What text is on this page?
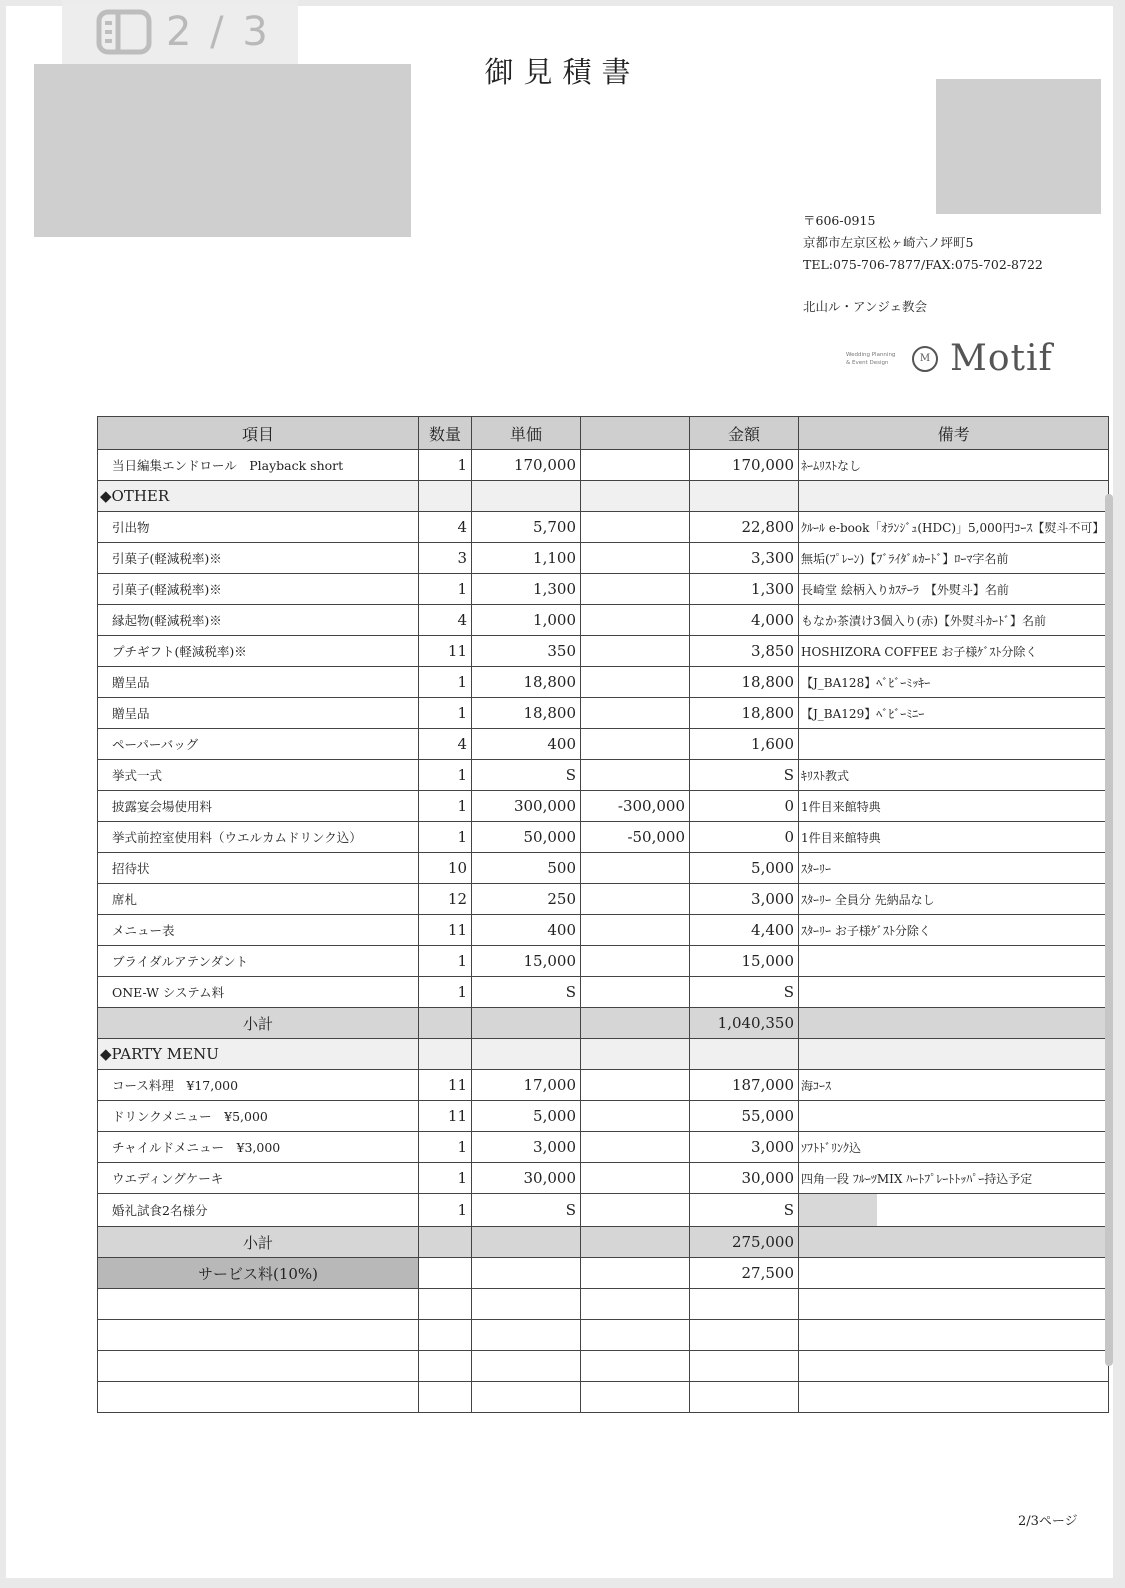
2 / 3
御見積書
〒606-0915
京都市左京区松ヶ崎六ノ坪町5
TEL:075-706-7877/FAX:075-702-8722
北山ル・アンジェ教会
Wedding Planning
& Event Design	M Motif
項目	数量	単価		金額	備考
当日編集エンドロール　Playback short	1	170,000		170,000	ﾈｰﾑﾘｽﾄなし
◆OTHER					
引出物	4	5,700		22,800	ｸﾙｰﾙ e-book「ｵﾗﾝｼﾞｭ(HDC)」5,000円ｺｰｽ【熨斗不可】
引菓子(軽減税率)※	3	1,100		3,300	無垢(ﾌﾟﾚｰﾝ)【ﾌﾞﾗｲﾀﾞﾙｶｰﾄﾞ】ﾛｰﾏ字名前
引菓子(軽減税率)※	1	1,300		1,300	長崎堂 絵柄入りｶｽﾃｰﾗ　【外熨斗】名前
縁起物(軽減税率)※	4	1,000		4,000	もなか茶漬け3個入り(赤)【外熨斗ｶｰﾄﾞ】名前
プチギフト(軽減税率)※	11	350		3,850	HOSHIZORA COFFEE お子様ｹﾞｽﾄ分除く
贈呈品	1	18,800		18,800	【J_BA128】ﾍﾞﾋﾞｰﾐｯｷｰ
贈呈品	1	18,800		18,800	【J_BA129】ﾍﾞﾋﾞｰﾐﾆｰ
ペーパーバッグ	4	400		1,600	
挙式一式	1	S		S	ｷﾘｽﾄ教式
披露宴会場使用料	1	300,000	-300,000	0	1件目来館特典
挙式前控室使用料（ウエルカムドリンク込）	1	50,000	-50,000	0	1件目来館特典
招待状	10	500		5,000	ｽﾀｰﾘｰ
席札	12	250		3,000	ｽﾀｰﾘｰ 全員分 先納品なし
メニュー表	11	400		4,400	ｽﾀｰﾘｰ お子様ｹﾞｽﾄ分除く
ブライダルアテンダント	1	15,000		15,000	
ONE-W システム料	1	S		S	
小計				1,040,350	
◆PARTY MENU					
コース料理　¥17,000	11	17,000		187,000	海ｺｰｽ
ドリンクメニュー　¥5,000	11	5,000		55,000	
チャイルドメニュー　¥3,000	1	3,000		3,000	ｿﾌﾄﾄﾞﾘﾝｸ込
ウエディングケーキ	1	30,000		30,000	四角一段 ﾌﾙｰﾂMIX ﾊｰﾄﾌﾟﾚｰﾄﾄｯﾊﾟｰ持込予定
婚礼試食2名様分	1	S		S	
小計				275,000	
サービス料(10%)				27,500	

2/3ページ
